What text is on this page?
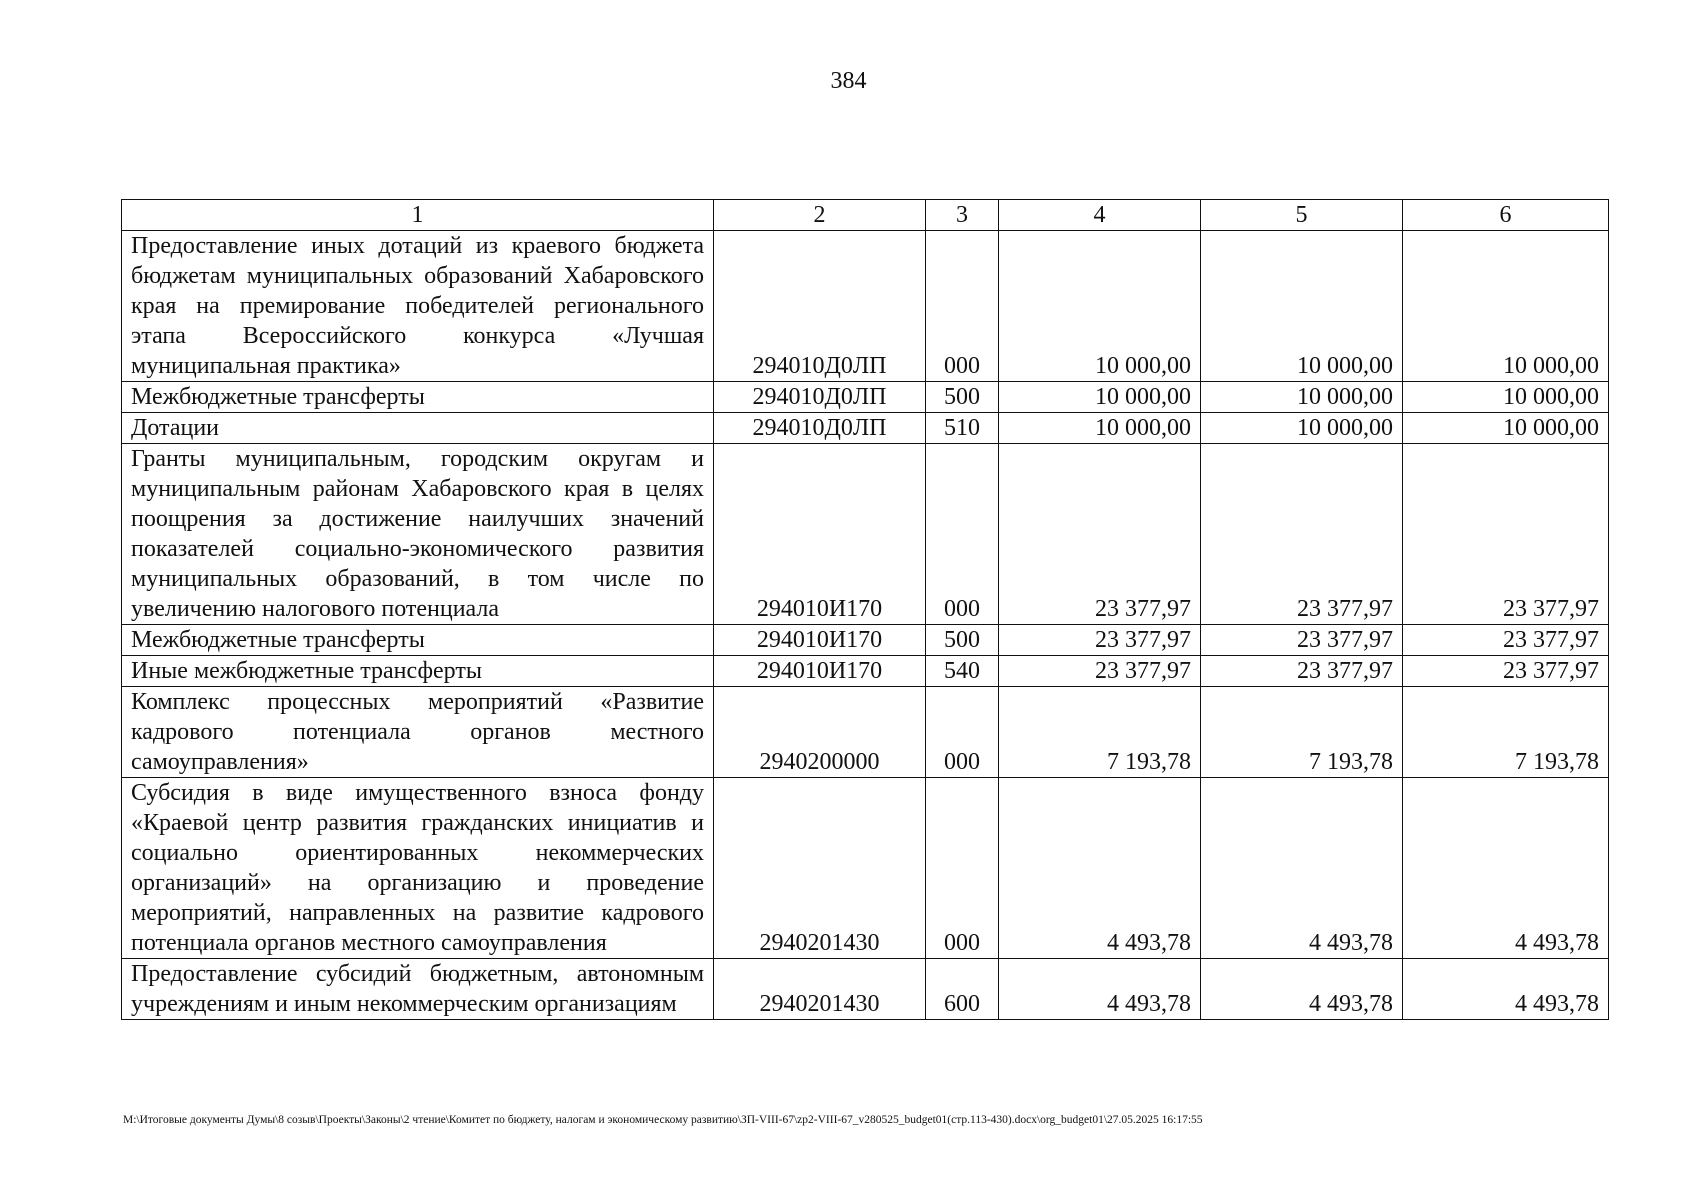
384
1	2	3	4	5	6
Предоставление иных дотаций из краевого бюджета бюджетам муниципальных образований Хабаровского края на премирование победителей регионального этапа Всероссийского конкурса «Лучшая муниципальная практика»	294010Д0ЛП	000	10 000,00	10 000,00	10 000,00
Межбюджетные трансферты	294010Д0ЛП	500	10 000,00	10 000,00	10 000,00
Дотации	294010Д0ЛП	510	10 000,00	10 000,00	10 000,00
Гранты муниципальным, городским округам и муниципальным районам Хабаровского края в целях поощрения за достижение наилучших значений показателей социально-экономического развития муниципальных образований, в том числе по увеличению налогового потенциала	294010И170	000	23 377,97	23 377,97	23 377,97
Межбюджетные трансферты	294010И170	500	23 377,97	23 377,97	23 377,97
Иные межбюджетные трансферты	294010И170	540	23 377,97	23 377,97	23 377,97
Комплекс процессных мероприятий «Развитие кадрового потенциала органов местного самоуправления»	2940200000	000	7 193,78	7 193,78	7 193,78
Субсидия в виде имущественного взноса фонду «Краевой центр развития гражданских инициатив и социально ориентированных некоммерческих организаций» на организацию и проведение мероприятий, направленных на развитие кадрового потенциала органов местного самоуправления	2940201430	000	4 493,78	4 493,78	4 493,78
Предоставление субсидий бюджетным, автономным учреждениям и иным некоммерческим организациям	2940201430	600	4 493,78	4 493,78	4 493,78
M:\Итоговые документы Думы\8 созыв\Проекты\Законы\2 чтение\Комитет по бюджету, налогам и экономическому развитию\ЗП-VIII-67\zp2-VIII-67_v280525_budget01(стр.113-430).docx\org_budget01\27.05.2025 16:17:55
